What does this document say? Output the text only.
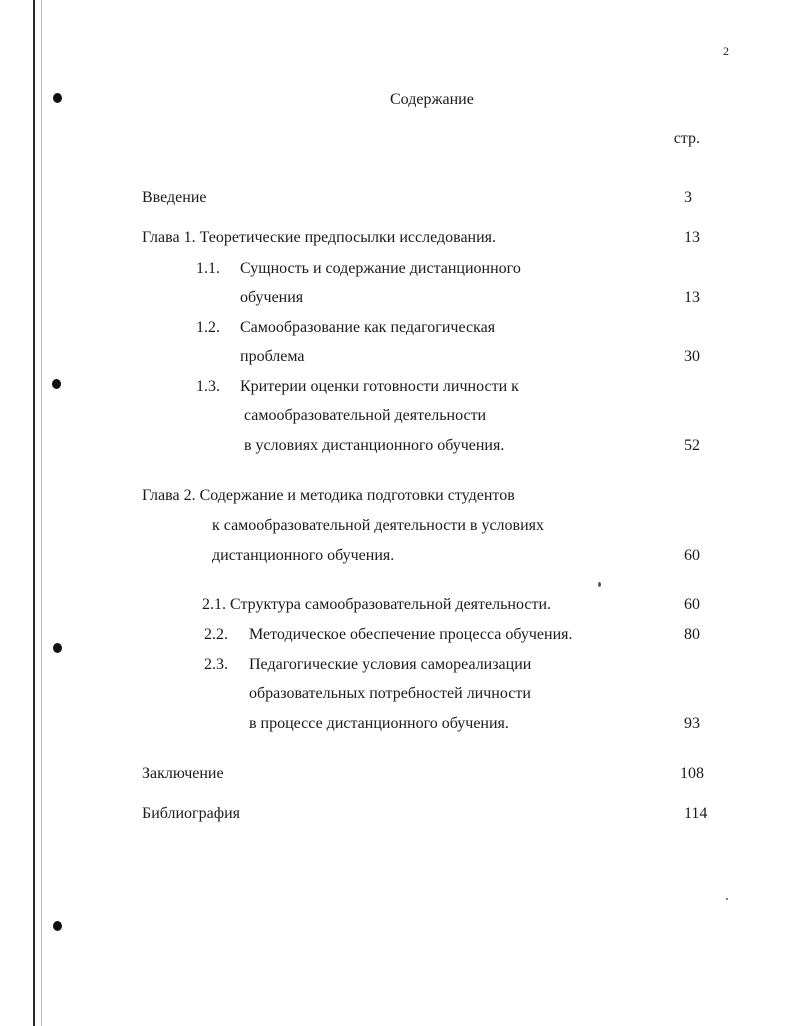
2
Содержание
стр.
Введение	3
Глава 1. Теоретические предпосылки исследования.	13
1.1. Сущность и содержание дистанционного
обучения	13
1.2. Самообразование как педагогическая
проблема	30
1.3. Критерии оценки готовности личности к
самообразовательной деятельности
в условиях дистанционного обучения.	52
Глава 2. Содержание и методика подготовки студентов
к самообразовательной деятельности в условиях
дистанционного обучения.	60
2.1. Структура самообразовательной деятельности.	60
2.2. Методическое обеспечение процесса обучения.	80
2.3. Педагогические условия самореализации
образовательных потребностей личности
в процессе дистанционного обучения.	93
Заключение	108
Библиография	114
